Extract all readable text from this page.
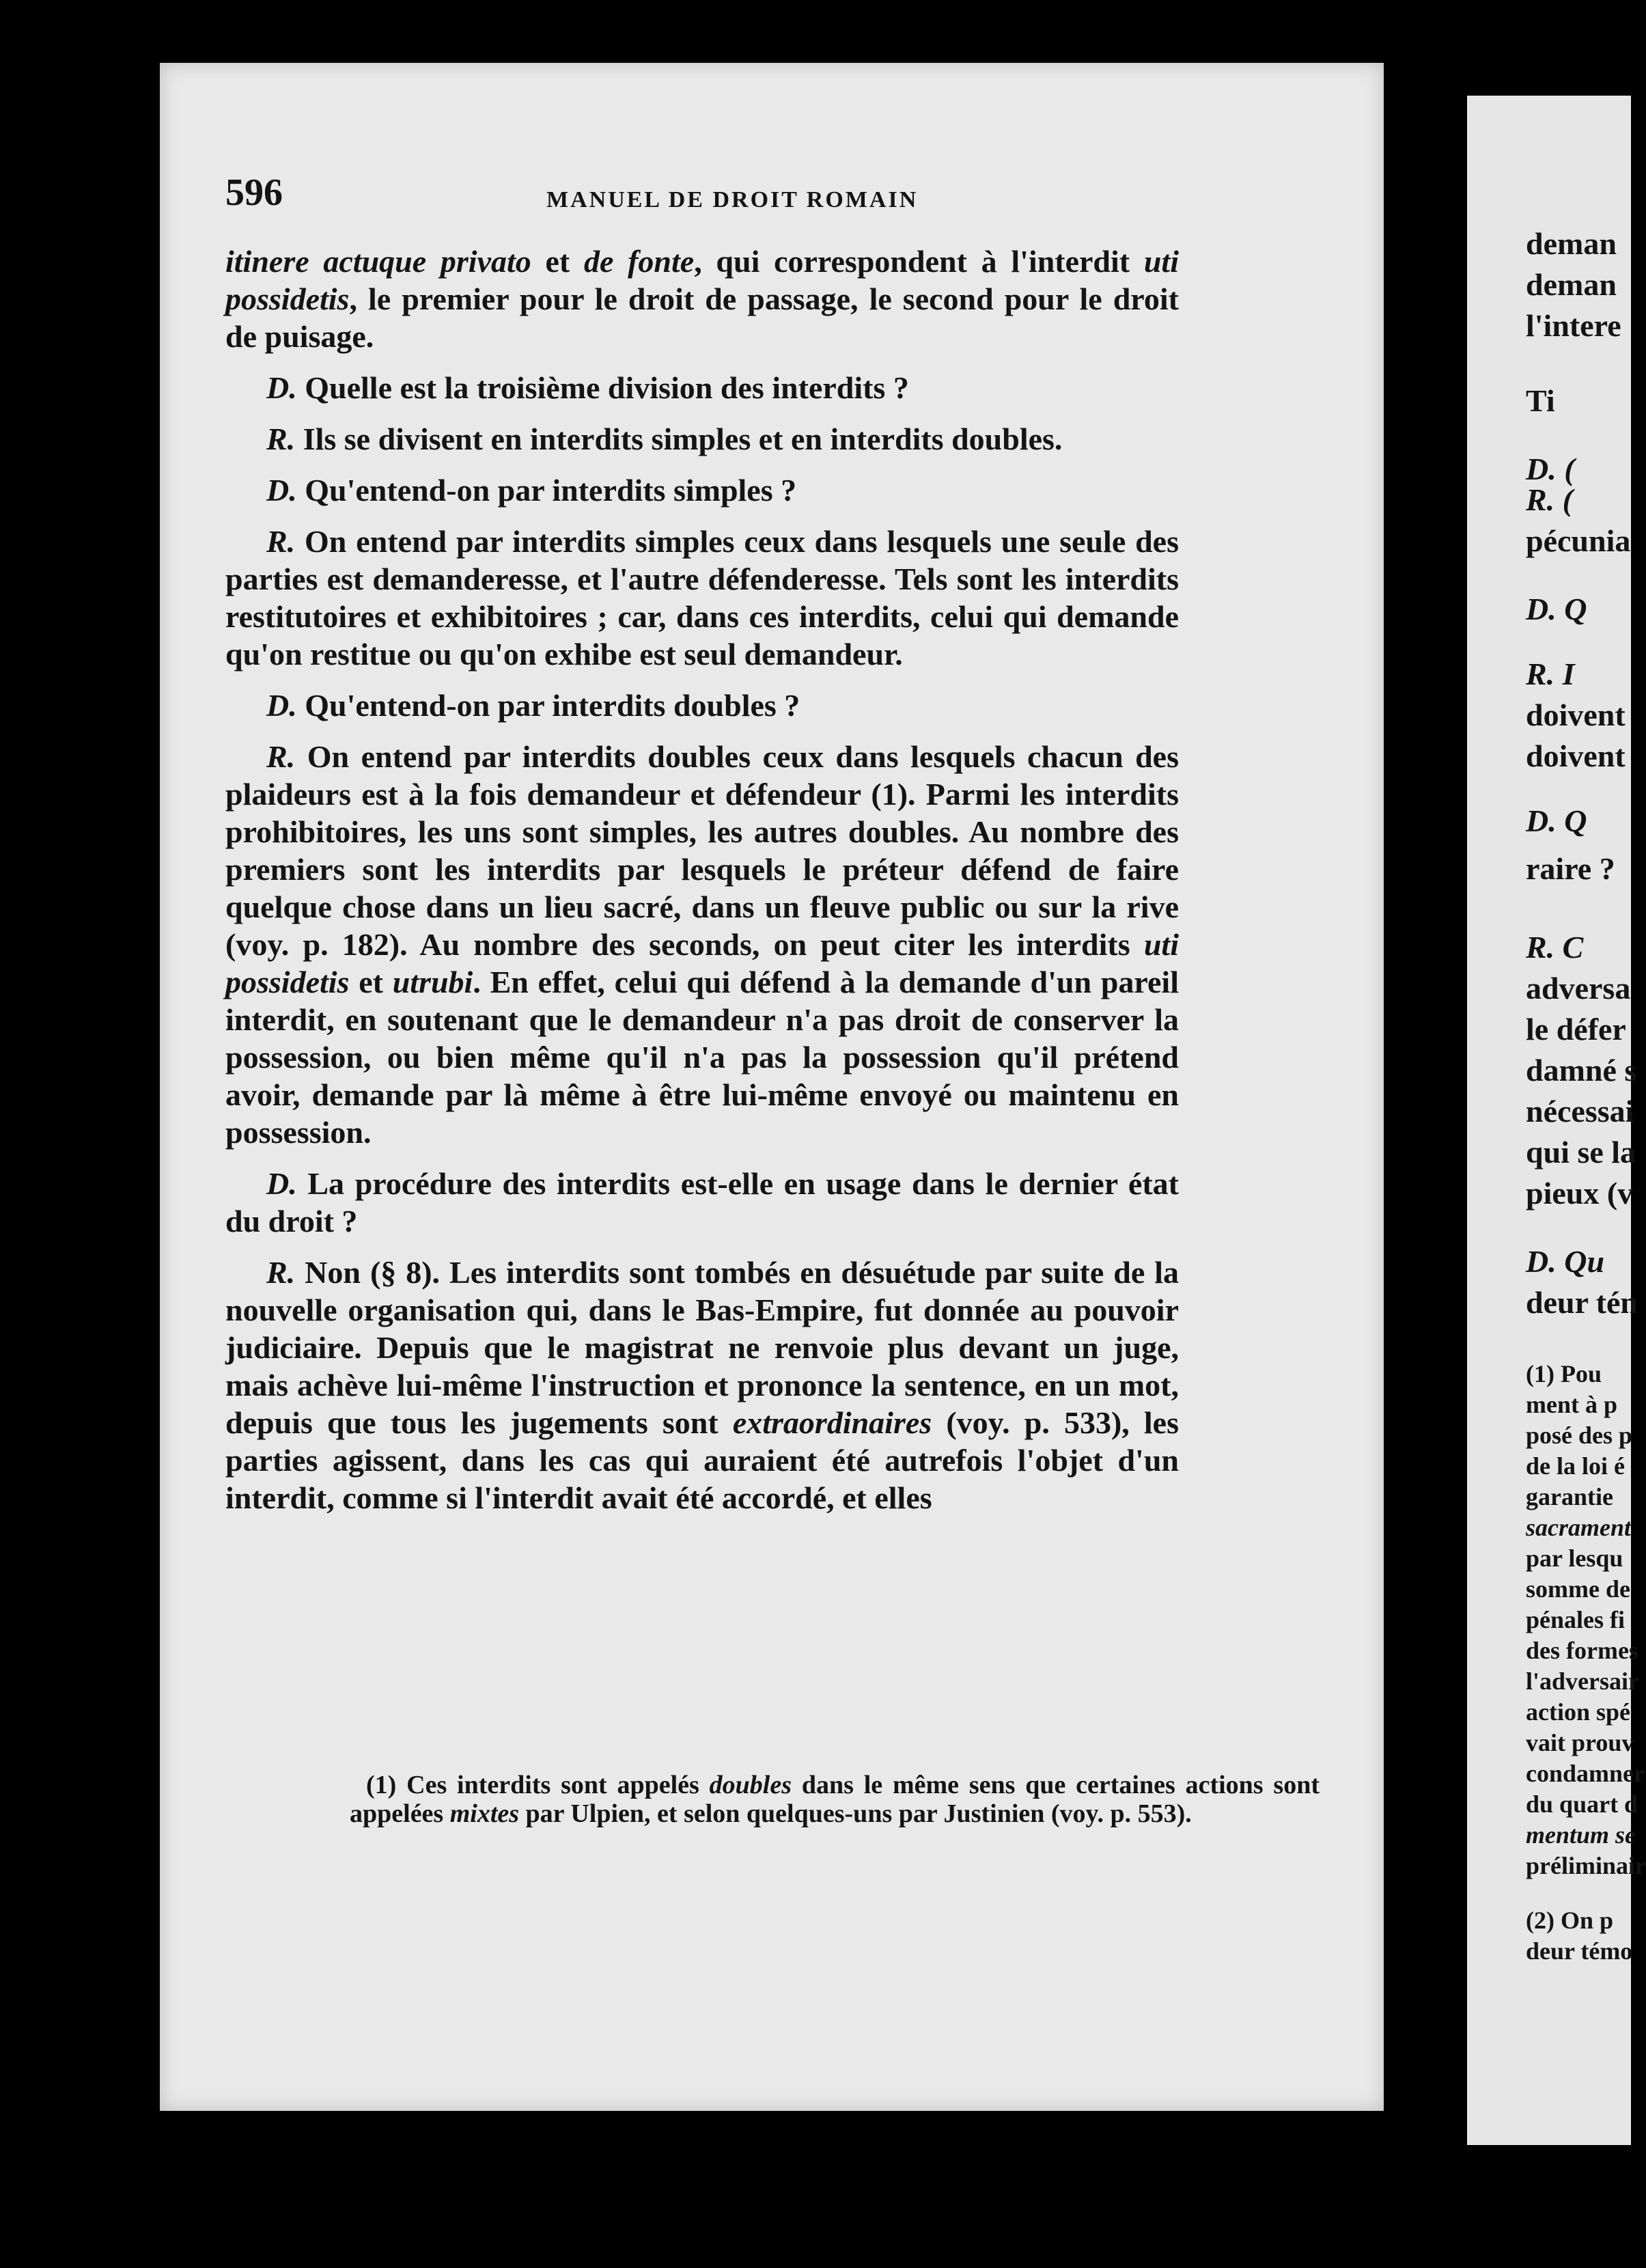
deman
deman
l'intere
Ti
D. (
R. (
pécunia
D. Q
R. I
doivent
doivent
D. Q
raire ?
R. C
adversa
le défer
damné s
nécessai
qui se la
pieux (v
D. Qu
deur tén
(1) Pou
ment à p
posé des p
de la loi é
garantie
sacrament
par lesqu
somme de
pénales fi
des formes
l'adversair
action spé
vait prouv
condamner
du quart d
mentum se
préliminair
(2) On p
deur témo
596	MANUEL DE DROIT ROMAIN

itinere actuque privato et de fonte, qui correspondent à l'interdit uti possidetis, le premier pour le droit de passage, le second pour le droit de puisage.

D. Quelle est la troisième division des interdits ?

R. Ils se divisent en interdits simples et en interdits doubles.

D. Qu'entend-on par interdits simples ?

R. On entend par interdits simples ceux dans lesquels une seule des parties est demanderesse, et l'autre défenderesse. Tels sont les interdits restitutoires et exhibitoires ; car, dans ces interdits, celui qui demande qu'on restitue ou qu'on exhibe est seul demandeur.

D. Qu'entend-on par interdits doubles ?

R. On entend par interdits doubles ceux dans lesquels chacun des plaideurs est à la fois demandeur et défendeur (1). Parmi les interdits prohibitoires, les uns sont simples, les autres doubles. Au nombre des premiers sont les interdits par lesquels le préteur défend de faire quelque chose dans un lieu sacré, dans un fleuve public ou sur la rive (voy. p. 182). Au nombre des seconds, on peut citer les interdits uti possidetis et utrubi. En effet, celui qui défend à la demande d'un pareil interdit, en soutenant que le demandeur n'a pas droit de conserver la possession, ou bien même qu'il n'a pas la possession qu'il prétend avoir, demande par là même à être lui-même envoyé ou maintenu en possession.

D. La procédure des interdits est-elle en usage dans le dernier état du droit ?

R. Non (§ 8). Les interdits sont tombés en désuétude par suite de la nouvelle organisation qui, dans le Bas-Empire, fut donnée au pouvoir judiciaire. Depuis que le magistrat ne renvoie plus devant un juge, mais achève lui-même l'instruction et prononce la sentence, en un mot, depuis que tous les jugements sont extraordinaires (voy. p. 533), les parties agissent, dans les cas qui auraient été autrefois l'objet d'un interdit, comme si l'interdit avait été accordé, et elles

(1) Ces interdits sont appelés doubles dans le même sens que certaines actions sont appelées mixtes par Ulpien, et selon quelques-uns par Justinien (voy. p. 553).
